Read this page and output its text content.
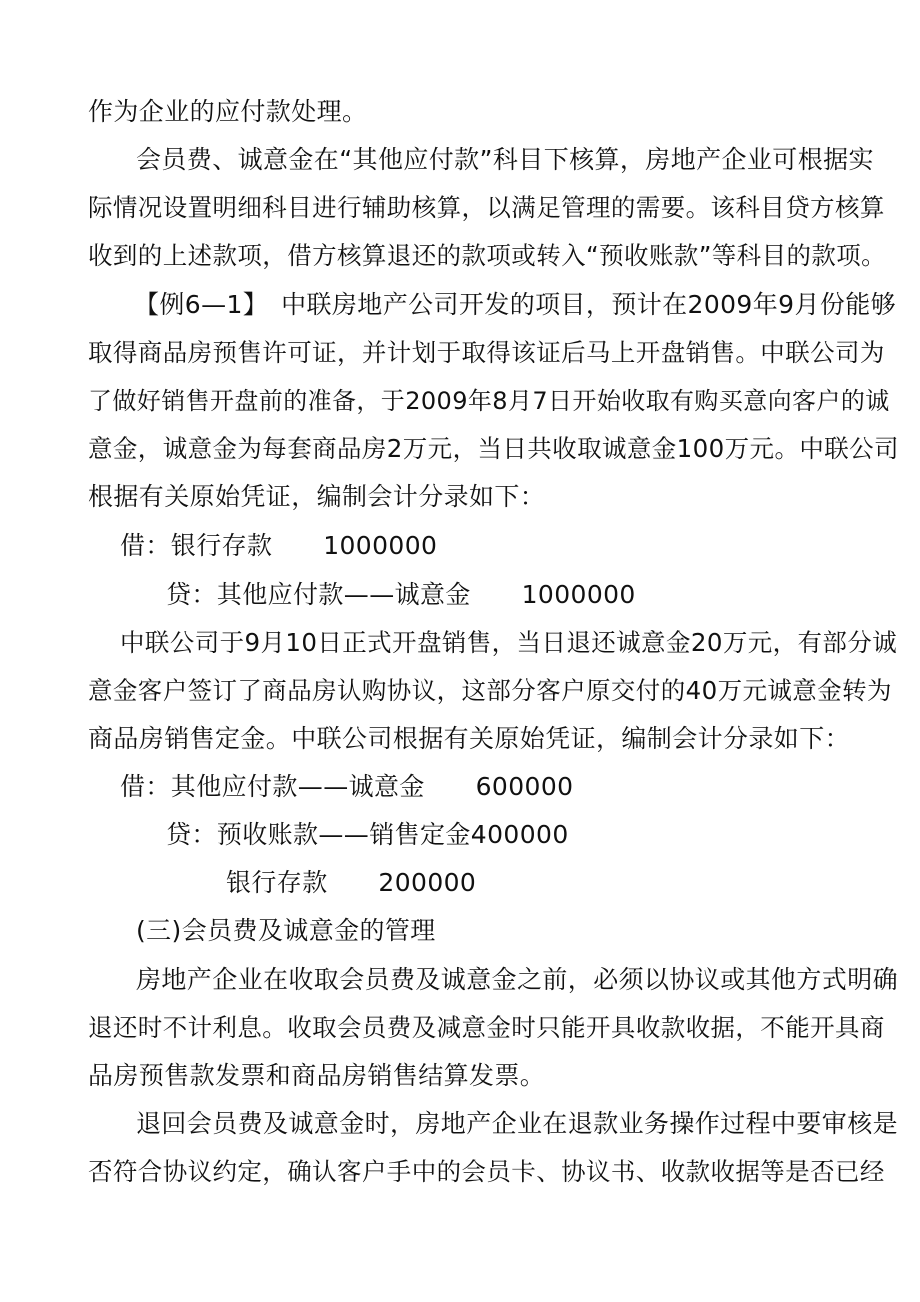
作为企业的应付款处理。
会员费、诚意金在“其他应付款”科目下核算，房地产企业可根据实
际情况设置明细科目进行辅助核算，以满足管理的需要。该科目贷方核算
收到的上述款项，借方核算退还的款项或转入“预收账款”等科目的款项。
【例6—1】　中联房地产公司开发的项目，预计在2009年9月份能够
取得商品房预售许可证，并计划于取得该证后马上开盘销售。中联公司为
了做好销售开盘前的准备，于2009年8月7日开始收取有购买意向客户的诚
意金，诚意金为每套商品房2万元，当日共收取诚意金100万元。中联公司
根据有关原始凭证，编制会计分录如下：
借：银行存款　　1000000
贷：其他应付款——诚意金　　1000000
中联公司于9月10日正式开盘销售，当日退还诚意金20万元，有部分诚
意金客户签订了商品房认购协议，这部分客户原交付的40万元诚意金转为
商品房销售定金。中联公司根据有关原始凭证，编制会计分录如下：
借：其他应付款——诚意金　　600000
贷：预收账款——销售定金400000
银行存款　　200000
(三)会员费及诚意金的管理
房地产企业在收取会员费及诚意金之前，必须以协议或其他方式明确
退还时不计利息。收取会员费及减意金时只能开具收款收据，不能开具商
品房预售款发票和商品房销售结算发票。
退回会员费及诚意金时，房地产企业在退款业务操作过程中要审核是
否符合协议约定，确认客户手中的会员卡、协议书、收款收据等是否已经
